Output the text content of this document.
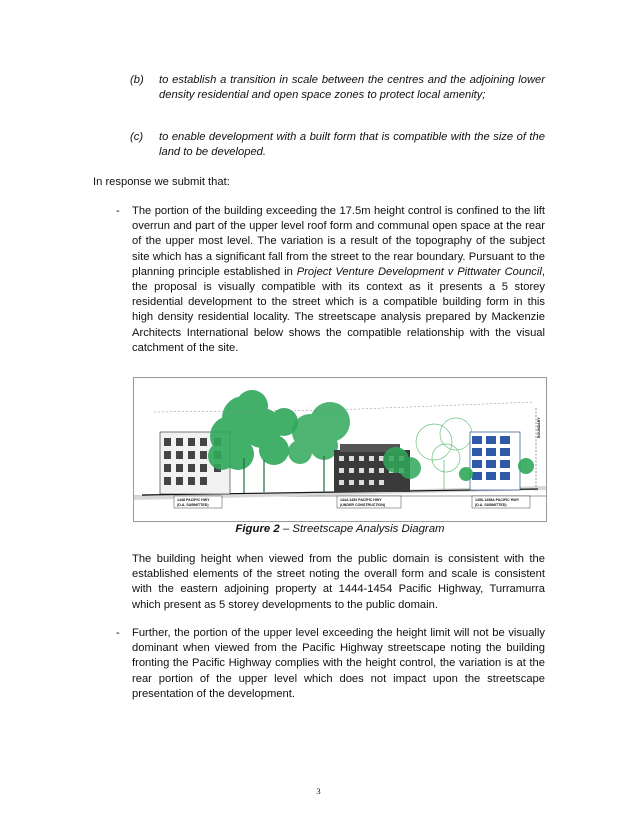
(b)	to establish a transition in scale between the centres and the adjoining lower density residential and open space zones to protect local amenity;
(c)	to enable development with a built form that is compatible with the size of the land to be developed.
In response we submit that:
- The portion of the building exceeding the 17.5m height control is confined to the lift overrun and part of the upper level roof form and communal open space at the rear of the upper most level. The variation is a result of the topography of the subject site which has a significant fall from the street to the rear boundary. Pursuant to the planning principle established in Project Venture Development v Pittwater Council, the proposal is visually compatible with its context as it presents a 5 storey residential development to the street which is a compatible building form in this high density residential locality. The streetscape analysis prepared by Mackenzie Architects International below shows the compatible relationship with the visual catchment of the site.
1448 PACIFIC HWY
(D.A. SUBMITTED)
1444-1454 PACIFIC HWY
(UNDER CONSTRUCTION)
1456-1458A PACIFIC HWY
(D.A. SUBMITTED)
BOUNDARY
Figure 2 – Streetscape Analysis Diagram
The building height when viewed from the public domain is consistent with the established elements of the street noting the overall form and scale is consistent with the eastern adjoining property at 1444-1454 Pacific Highway, Turramurra which present as 5 storey developments to the public domain.
- Further, the portion of the upper level exceeding the height limit will not be visually dominant when viewed from the Pacific Highway streetscape noting the building fronting the Pacific Highway complies with the height control, the variation is at the rear portion of the upper level which does not impact upon the streetscape presentation of the development.
3
